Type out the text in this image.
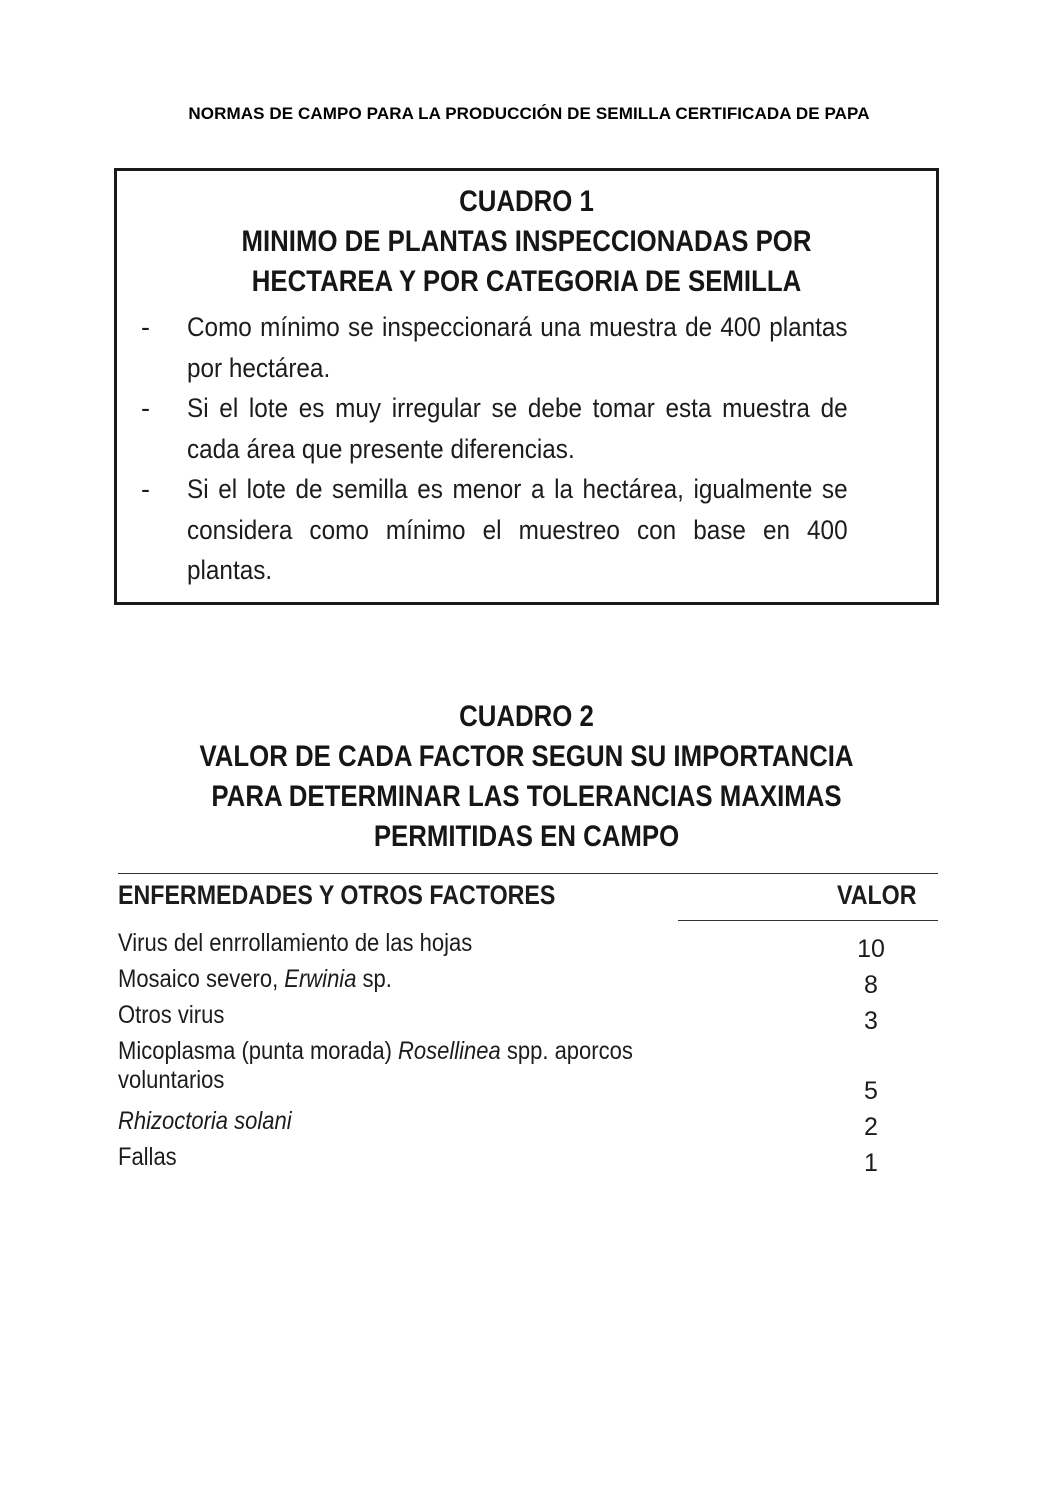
NORMAS DE CAMPO PARA LA PRODUCCIÓN DE SEMILLA CERTIFICADA DE PAPA
CUADRO 1
MINIMO DE PLANTAS INSPECCIONADAS POR
HECTAREA Y POR CATEGORIA DE SEMILLA
-	Como mínimo se inspeccionará una muestra de 400 plantas por hectárea.
-	Si el lote es muy irregular se debe tomar esta muestra de cada área que presente diferencias.
-	Si el lote de semilla es menor a la hectárea, igualmente se considera como mínimo el muestreo con base en 400 plantas.
CUADRO 2
VALOR DE CADA FACTOR SEGUN SU IMPORTANCIA
PARA DETERMINAR LAS TOLERANCIAS MAXIMAS
PERMITIDAS EN CAMPO
ENFERMEDADES Y OTROS FACTORES	VALOR
Virus del enrrollamiento de las hojas	10
Mosaico severo, Erwinia sp.	8
Otros virus	3
Micoplasma (punta morada) Rosellinea spp. aporcos
voluntarios	5
Rhizoctoria solani	2
Fallas	1
